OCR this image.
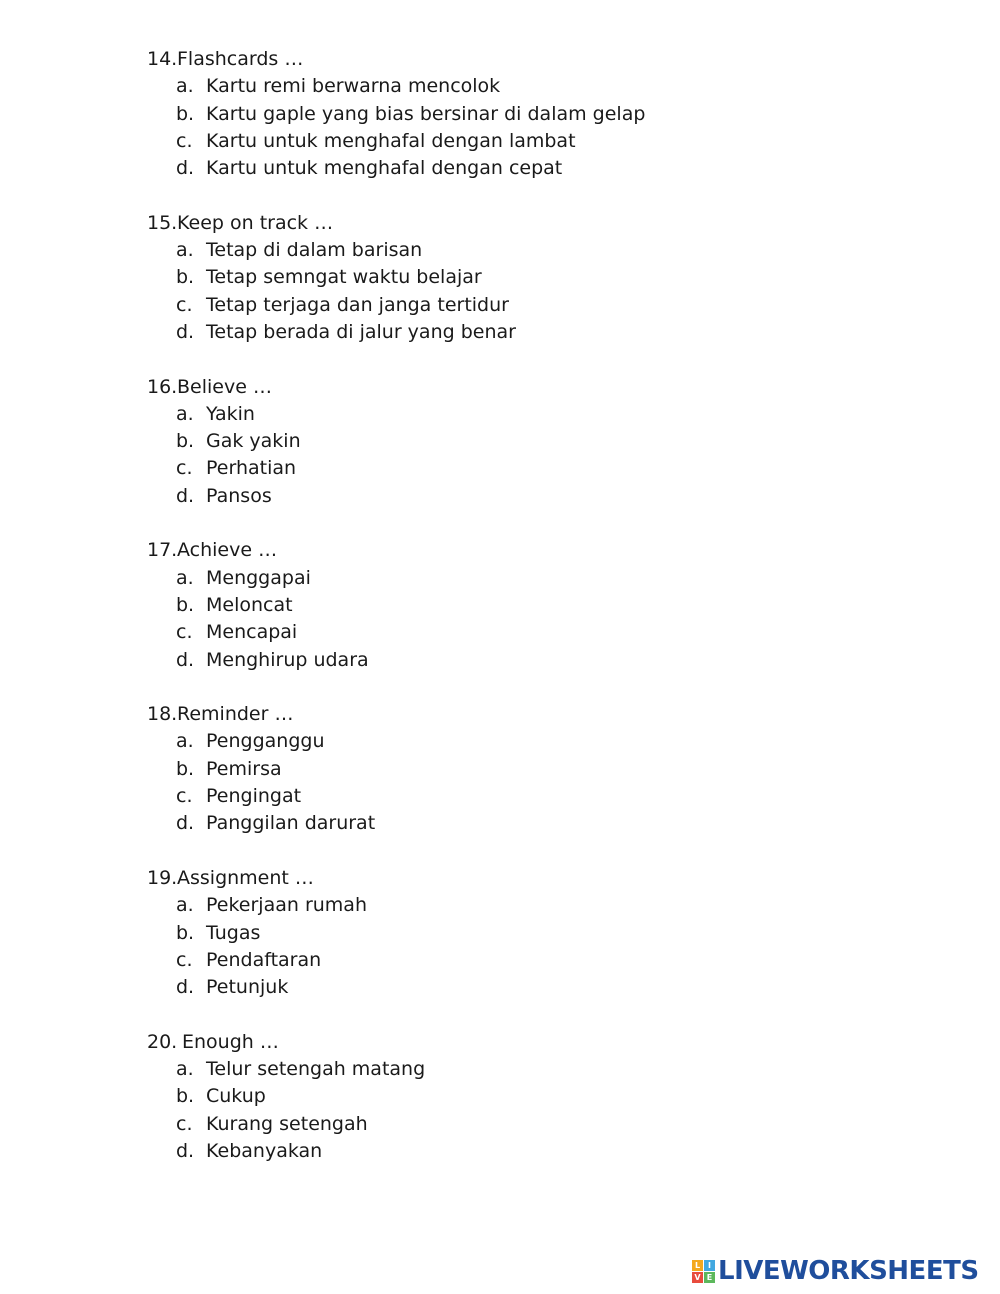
14.Flashcards …
a. Kartu remi berwarna mencolok
b. Kartu gaple yang bias bersinar di dalam gelap
c. Kartu untuk menghafal dengan lambat
d. Kartu untuk menghafal dengan cepat
15.Keep on track …
a. Tetap di dalam barisan
b. Tetap semngat waktu belajar
c. Tetap terjaga dan janga tertidur
d. Tetap berada di jalur yang benar
16.Believe …
a. Yakin
b. Gak yakin
c. Perhatian
d. Pansos
17.Achieve …
a. Menggapai
b. Meloncat
c. Mencapai
d. Menghirup udara
18.Reminder …
a. Pengganggu
b. Pemirsa
c. Pengingat
d. Panggilan darurat
19.Assignment …
a. Pekerjaan rumah
b. Tugas
c. Pendaftaran
d. Petunjuk
20. Enough …
a. Telur setengah matang
b. Cukup
c. Kurang setengah
d. Kebanyakan
L I
V E LIVEWORKSHEETS
